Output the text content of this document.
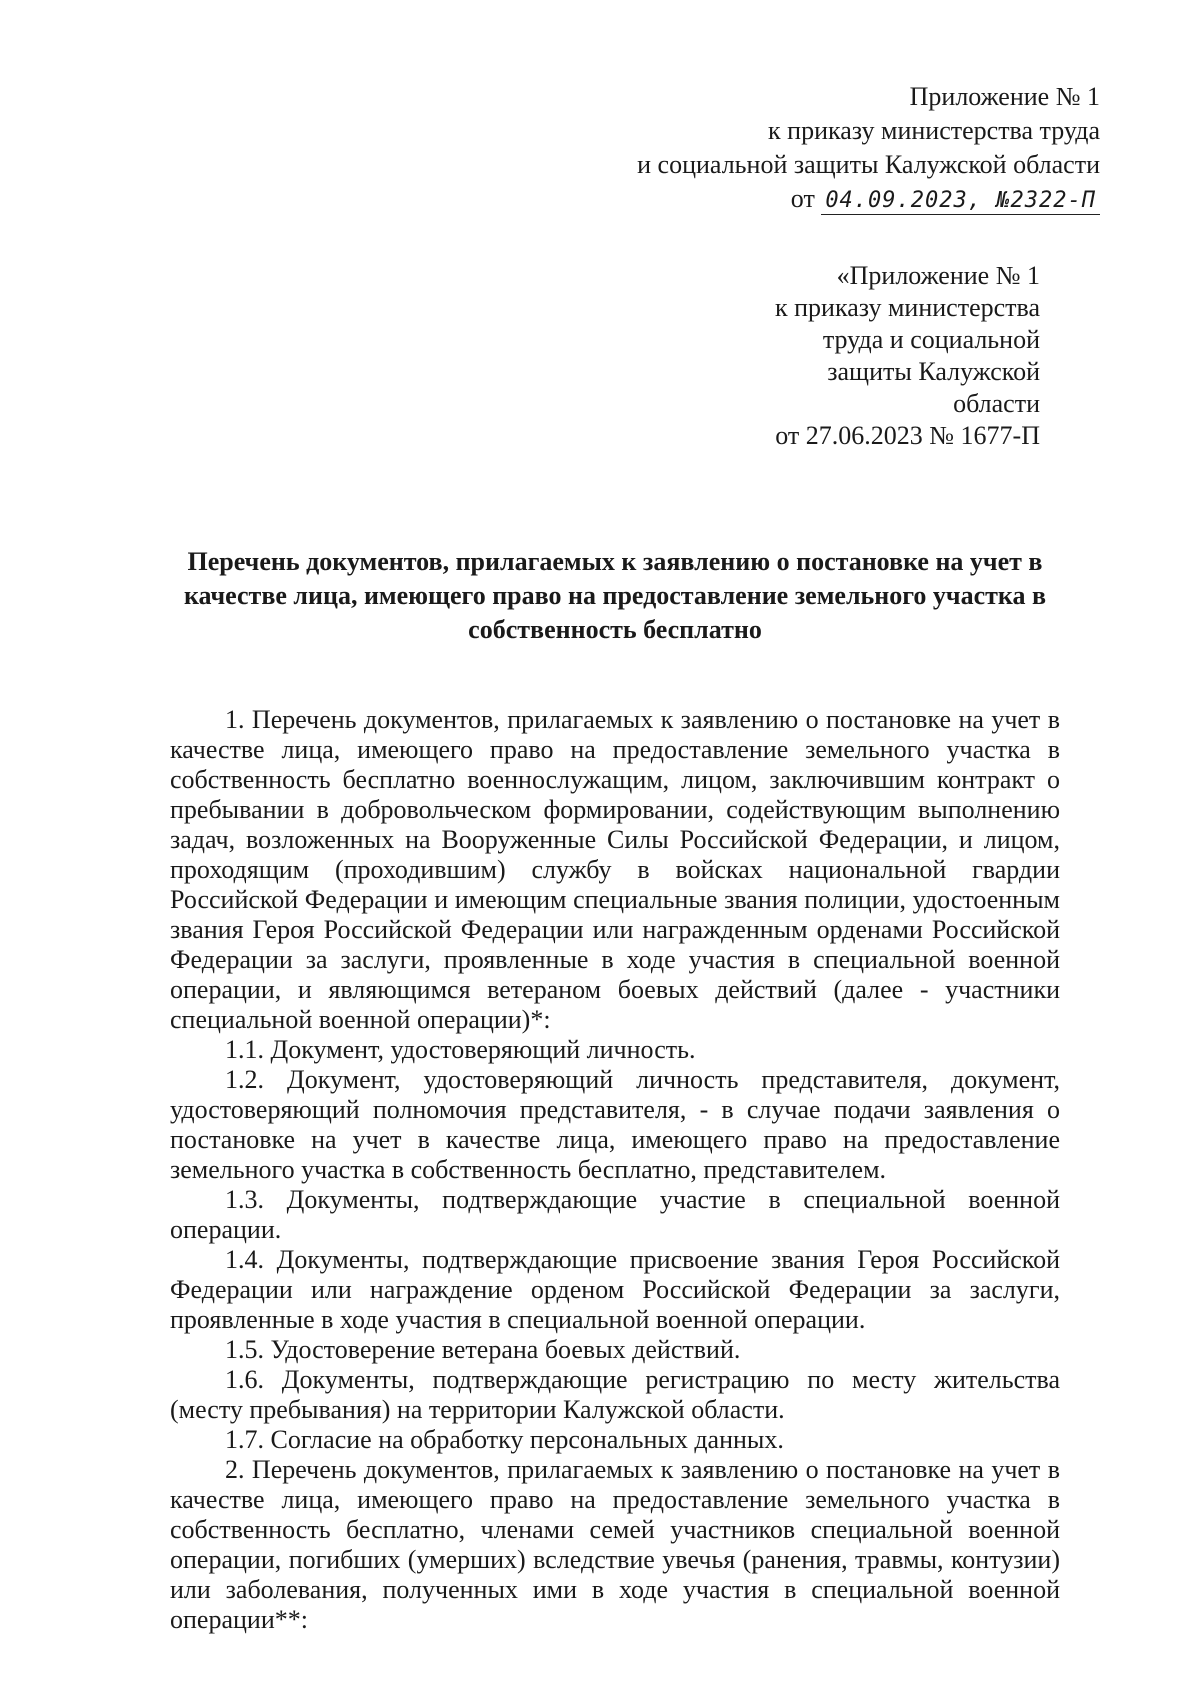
Приложение № 1
к приказу министерства труда
и социальной защиты Калужской области
от 04.09.2023, №2322-П
«Приложение № 1
к приказу министерства
труда и социальной
защиты Калужской
области
от 27.06.2023 № 1677-П
Перечень документов, прилагаемых к заявлению о постановке на учет в качестве лица, имеющего право на предоставление земельного участка в собственность бесплатно

1. Перечень документов, прилагаемых к заявлению о постановке на учет в качестве лица, имеющего право на предоставление земельного участка в собственность бесплатно военнослужащим, лицом, заключившим контракт о пребывании в добровольческом формировании, содействующим выполнению задач, возложенных на Вооруженные Силы Российской Федерации, и лицом, проходящим (проходившим) службу в войсках национальной гвардии Российской Федерации и имеющим специальные звания полиции, удостоенным звания Героя Российской Федерации или награжденным орденами Российской Федерации за заслуги, проявленные в ходе участия в специальной военной операции, и являющимся ветераном боевых действий (далее - участники специальной военной операции)*:

1.1. Документ, удостоверяющий личность.

1.2. Документ, удостоверяющий личность представителя, документ, удостоверяющий полномочия представителя, - в случае подачи заявления о постановке на учет в качестве лица, имеющего право на предоставление земельного участка в собственность бесплатно, представителем.

1.3. Документы, подтверждающие участие в специальной военной операции.

1.4. Документы, подтверждающие присвоение звания Героя Российской Федерации или награждение орденом Российской Федерации за заслуги, проявленные в ходе участия в специальной военной операции.

1.5. Удостоверение ветерана боевых действий.

1.6. Документы, подтверждающие регистрацию по месту жительства (месту пребывания) на территории Калужской области.

1.7. Согласие на обработку персональных данных.

2. Перечень документов, прилагаемых к заявлению о постановке на учет в качестве лица, имеющего право на предоставление земельного участка в собственность бесплатно, членами семей участников специальной военной операции, погибших (умерших) вследствие увечья (ранения, травмы, контузии) или заболевания, полученных ими в ходе участия в специальной военной операции**:
